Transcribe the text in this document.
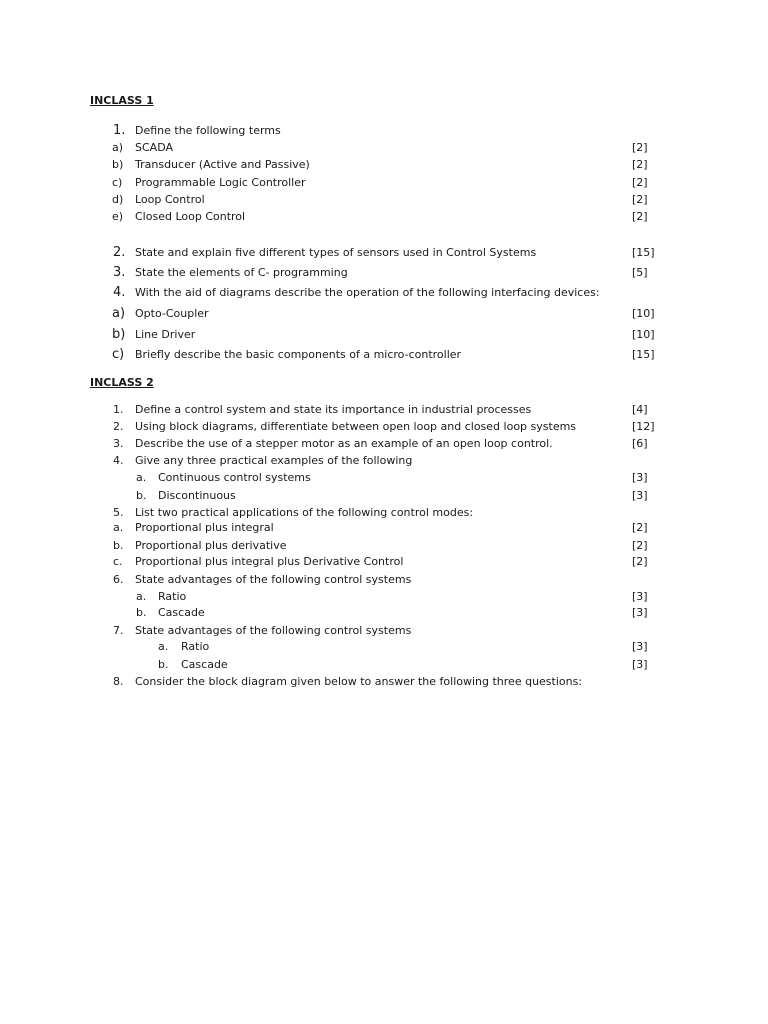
INCLASS 1
1. Define the following terms
a) SCADA	[2]
b) Transducer (Active and Passive)	[2]
c) Programmable Logic Controller	[2]
d) Loop Control	[2]
e) Closed Loop Control	[2]
2. State and explain five different types of sensors used in Control Systems	[15]
3. State the elements of C- programming	[5]
4. With the aid of diagrams describe the operation of the following interfacing devices:
a) Opto-Coupler	[10]
b) Line Driver	[10]
c) Briefly describe the basic components of a micro-controller	[15]
INCLASS 2
1. Define a control system and state its importance in industrial processes	[4]
2. Using block diagrams, differentiate between open loop and closed loop systems	[12]
3. Describe the use of a stepper motor as an example of an open loop control.	[6]
4. Give any three practical examples of the following
a. Continuous control systems	[3]
b. Discontinuous	[3]
5. List two practical applications of the following control modes:
a. Proportional plus integral	[2]
b. Proportional plus derivative	[2]
c. Proportional plus integral plus Derivative Control	[2]
6. State advantages of the following control systems
a. Ratio	[3]
b. Cascade	[3]
7. State advantages of the following control systems
a. Ratio	[3]
b. Cascade	[3]
8. Consider the block diagram given below to answer the following three questions:
